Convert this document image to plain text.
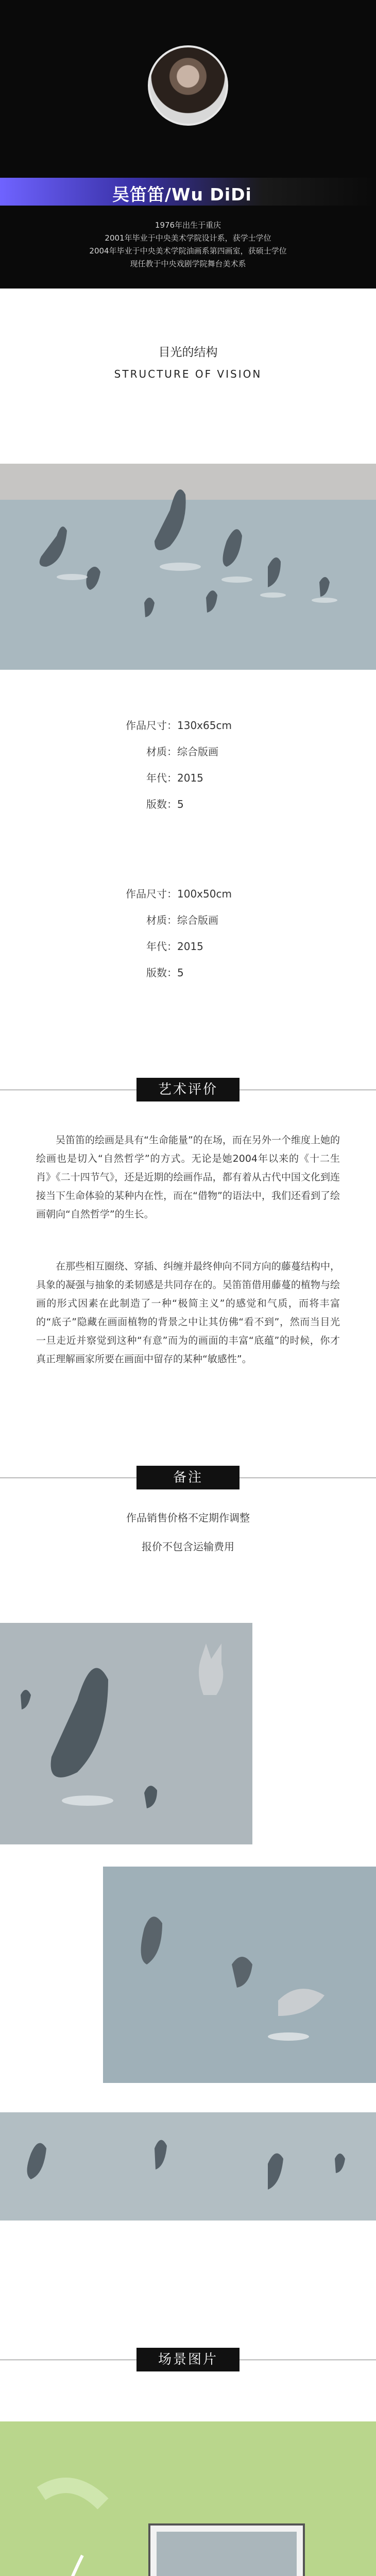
吴笛笛/Wu DiDi
1976年出生于重庆
2001年毕业于中央美术学院设计系，获学士学位
2004年毕业于中央美术学院油画系第四画室，获硕士学位
现任教于中央戏剧学院舞台美术系
目光的结构
STRUCTURE OF VISION
作品尺寸：130x65cm
材质：综合版画
年代：2015
版数：5
作品尺寸：100x50cm
材质：综合版画
年代：2015
版数：5
艺术评价

吴笛笛的绘画是具有“生命能量”的在场，而在另外一个维度上她的绘画也是切入“自然哲学”的方式。无论是她2004年以来的《十二生肖》《二十四节气》，还是近期的绘画作品，都有着从古代中国文化到连接当下生命体验的某种内在性，而在“借物”的语法中，我们还看到了绘画朝向“自然哲学”的生长。

在那些相互圈绕、穿插、纠缠并最终伸向不同方向的藤蔓结构中，具象的凝强与抽象的柔韧感是共同存在的。吴笛笛借用藤蔓的植物与绘画的形式因素在此制造了一种“极简主义”的感觉和气质，而将丰富的“底子”隐藏在画面植物的背景之中让其仿佛“看不到”，然而当目光一旦走近并察觉到这种“有意”而为的画面的丰富“底蕴”的时候，你才真正理解画家所要在画面中留存的某种“敏感性”。

备注
作品销售价格不定期作调整
报价不包含运输费用
场景图片
